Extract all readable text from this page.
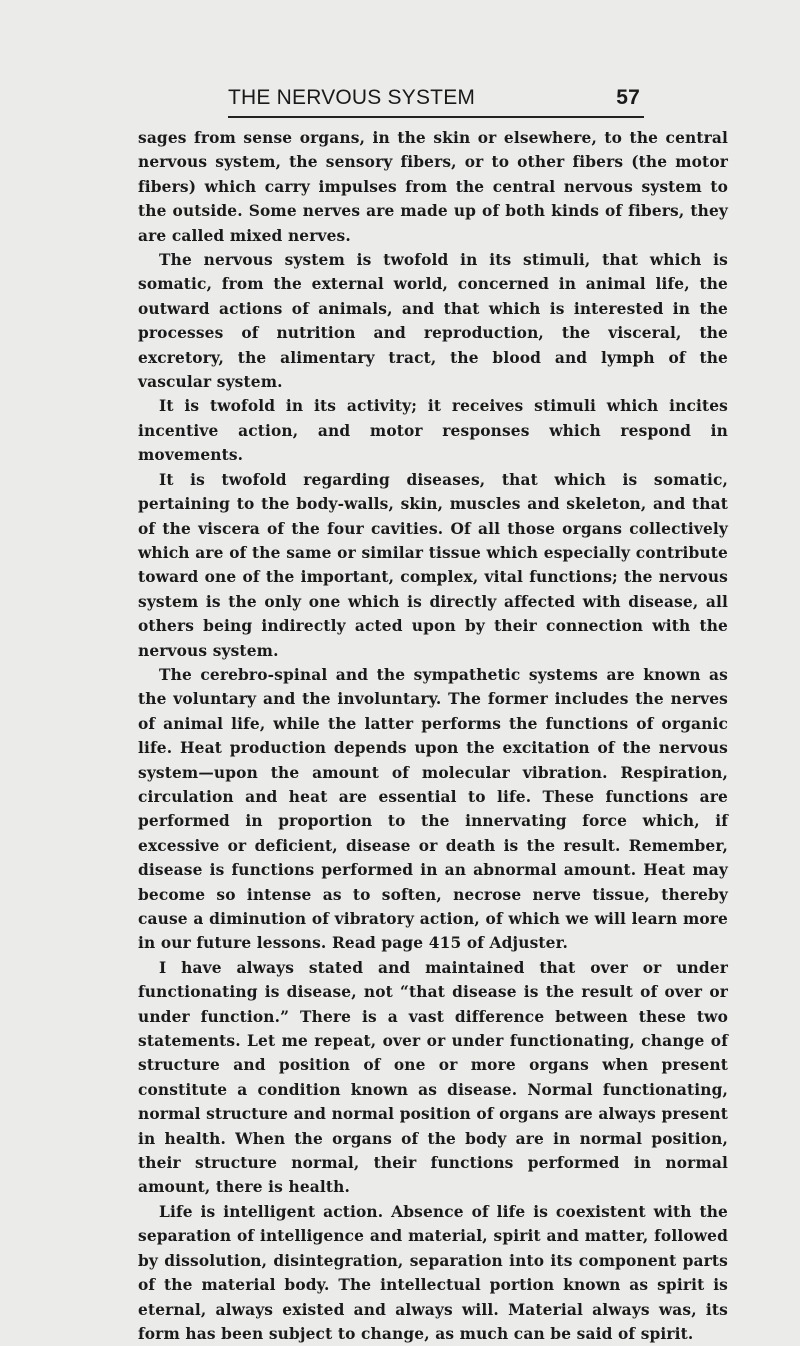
THE NERVOUS SYSTEM	57

sages from sense organs, in the skin or elsewhere, to the central nervous system, the sensory fibers, or to other fibers (the motor fibers) which carry impulses from the central nervous system to the outside. Some nerves are made up of both kinds of fibers, they are called mixed nerves.

The nervous system is twofold in its stimuli, that which is somatic, from the external world, concerned in animal life, the outward actions of animals, and that which is interested in the processes of nutrition and reproduction, the visceral, the excretory, the alimentary tract, the blood and lymph of the vascular system.

It is twofold in its activity; it receives stimuli which incites incentive action, and motor responses which respond in movements.

It is twofold regarding diseases, that which is somatic, pertaining to the body-walls, skin, muscles and skeleton, and that of the viscera of the four cavities. Of all those organs collectively which are of the same or similar tissue which especially contribute toward one of the important, complex, vital functions; the nervous system is the only one which is directly affected with disease, all others being indirectly acted upon by their connection with the nervous system.

The cerebro-spinal and the sympathetic systems are known as the voluntary and the involuntary. The former includes the nerves of animal life, while the latter performs the functions of organic life. Heat production depends upon the excitation of the nervous system—upon the amount of molecular vibration. Respiration, circulation and heat are essential to life. These functions are performed in proportion to the innervating force which, if excessive or deficient, disease or death is the result. Remember, disease is functions performed in an abnormal amount. Heat may become so intense as to soften, necrose nerve tissue, thereby cause a diminution of vibratory action, of which we will learn more in our future lessons. Read page 415 of Adjuster.

I have always stated and maintained that over or under functionating is disease, not “that disease is the result of over or under function.” There is a vast difference between these two statements. Let me repeat, over or under functionating, change of structure and position of one or more organs when present constitute a condition known as disease. Normal functionating, normal structure and normal position of organs are always present in health. When the organs of the body are in normal position, their structure normal, their functions performed in normal amount, there is health.

Life is intelligent action. Absence of life is coexistent with the separation of intelligence and material, spirit and matter, followed by dissolution, disintegration, separation into its component parts of the material body. The intellectual portion known as spirit is eternal, always existed and always will. Material always was, its form has been subject to change, as much can be said of spirit.
